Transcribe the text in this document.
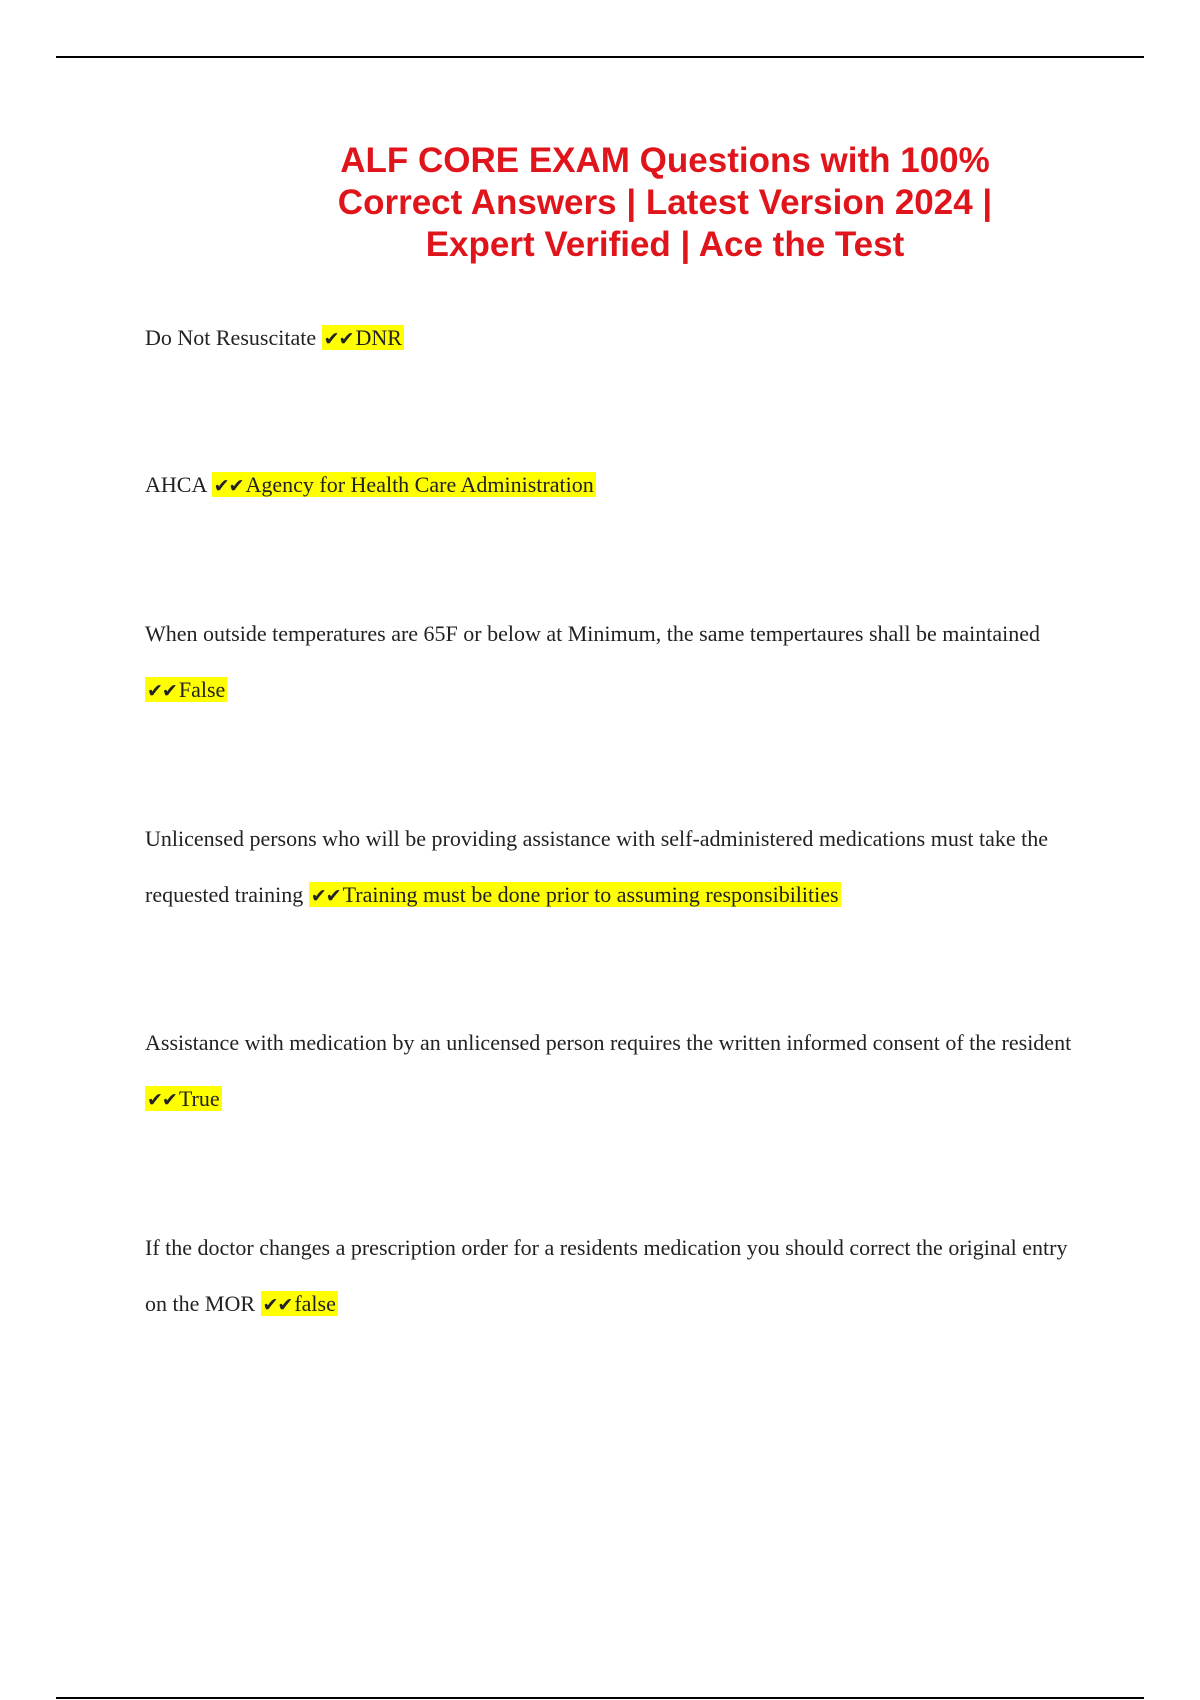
ALF CORE EXAM Questions with 100% Correct Answers | Latest Version 2024 | Expert Verified | Ace the Test

Do Not Resuscitate ✔✔DNR

AHCA ✔✔Agency for Health Care Administration

When outside temperatures are 65F or below at Minimum, the same tempertaures shall be maintained ✔✔False

Unlicensed persons who will be providing assistance with self-administered medications must take the requested training ✔✔Training must be done prior to assuming responsibilities

Assistance with medication by an unlicensed person requires the written informed consent of the resident ✔✔True

If the doctor changes a prescription order for a residents medication you should correct the original entry on the MOR ✔✔false
